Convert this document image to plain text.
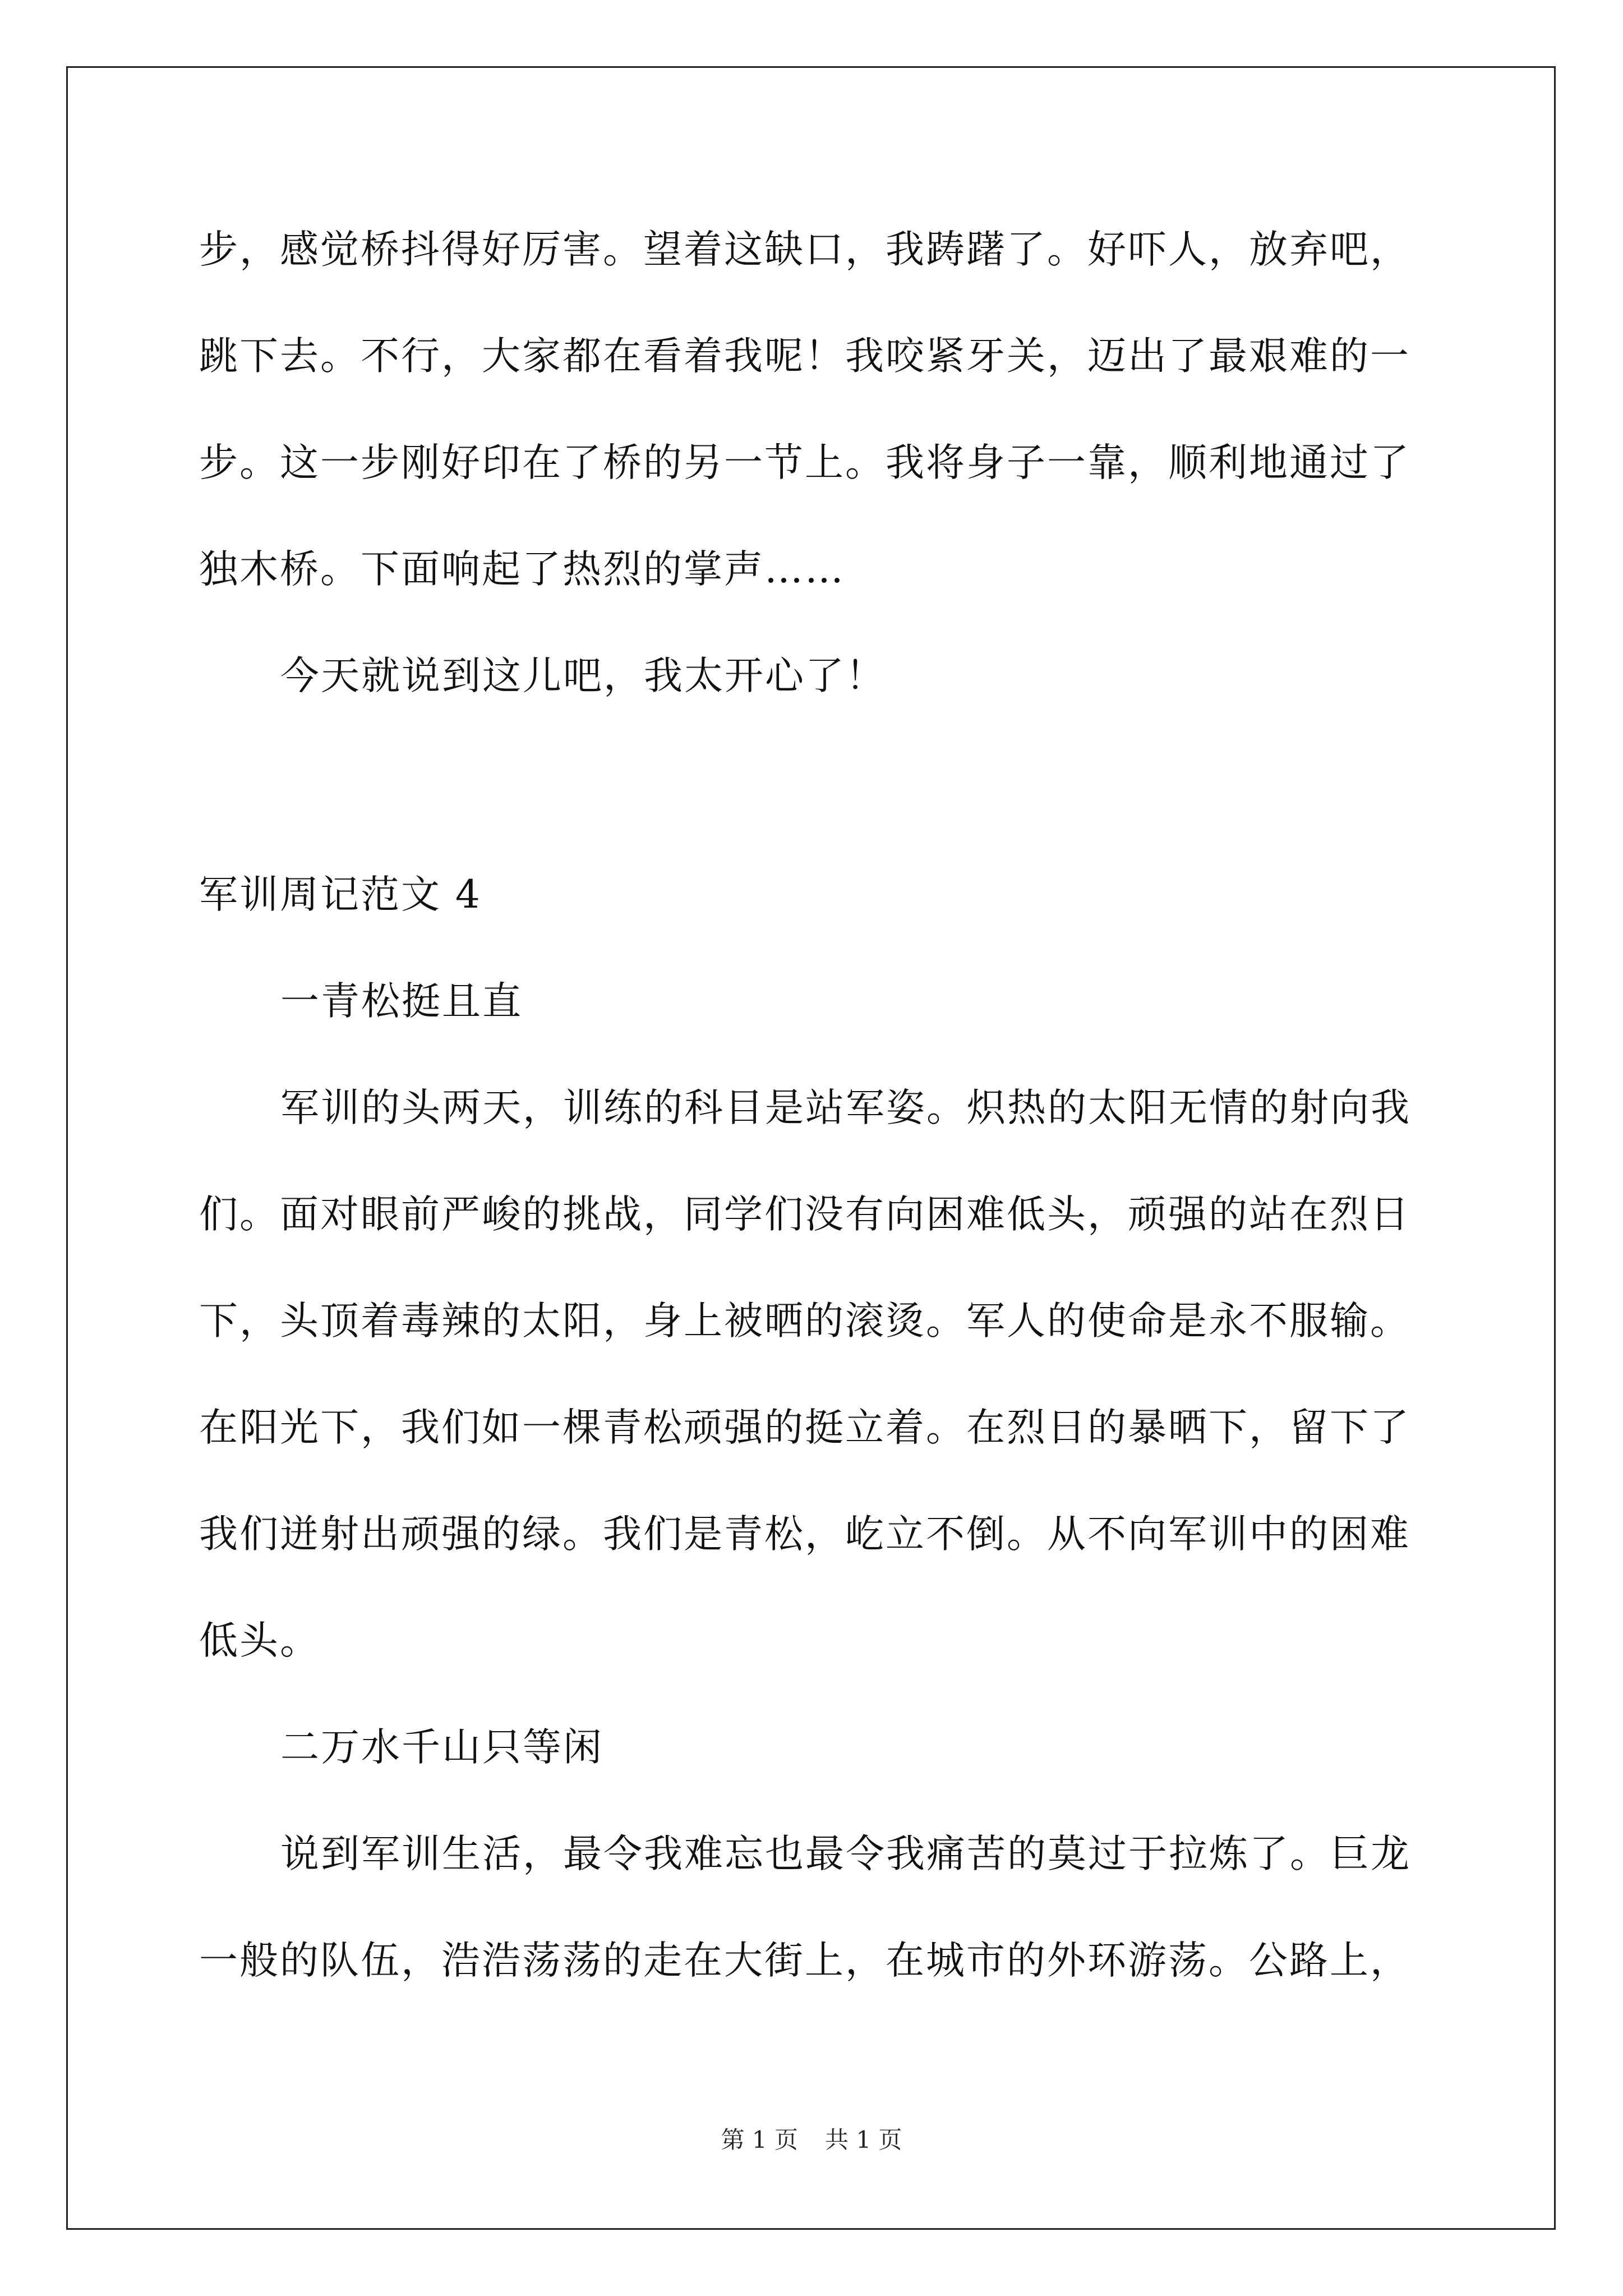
步，感觉桥抖得好厉害。望着这缺口，我踌躇了。好吓人，放弃吧，
跳下去。不行，大家都在看着我呢！我咬紧牙关，迈出了最艰难的一
步。这一步刚好印在了桥的另一节上。我将身子一靠，顺利地通过了
独木桥。下面响起了热烈的掌声……
今天就说到这儿吧，我太开心了！
军训周记范文 4
一青松挺且直
军训的头两天，训练的科目是站军姿。炽热的太阳无情的射向我
们。面对眼前严峻的挑战，同学们没有向困难低头，顽强的站在烈日
下，头顶着毒辣的太阳，身上被晒的滚烫。军人的使命是永不服输。
在阳光下，我们如一棵青松顽强的挺立着。在烈日的暴晒下，留下了
我们迸射出顽强的绿。我们是青松，屹立不倒。从不向军训中的困难
低头。
二万水千山只等闲
说到军训生活，最令我难忘也最令我痛苦的莫过于拉炼了。巨龙
一般的队伍，浩浩荡荡的走在大街上，在城市的外环游荡。公路上，
第 1 页 共 1 页
